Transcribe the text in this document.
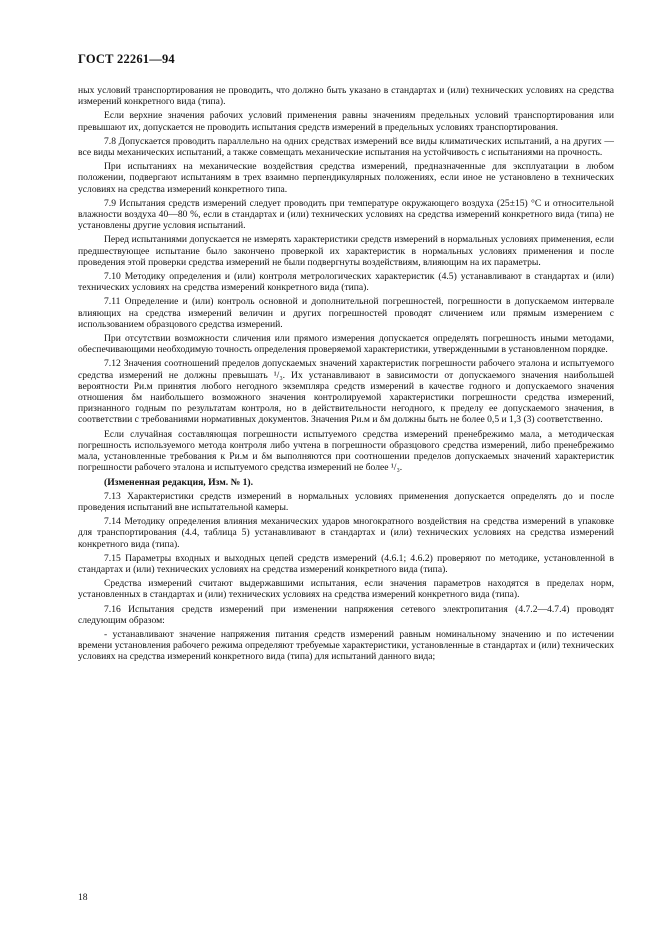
ГОСТ 22261—94

ных условий транспортирования не проводить, что должно быть указано в стандартах и (или) технических условиях на средства измерений конкретного вида (типа).

Если верхние значения рабочих условий применения равны значениям предельных условий транспортирования или превышают их, допускается не проводить испытания средств измерений в предельных условиях транспортирования.

7.8 Допускается проводить параллельно на одних средствах измерений все виды климатических испытаний, а на других — все виды механических испытаний, а также совмещать механические испытания на устойчивость с испытаниями на прочность.

При испытаниях на механические воздействия средства измерений, предназначенные для эксплуатации в любом положении, подвергают испытаниям в трех взаимно перпендикулярных положениях, если иное не установлено в технических условиях на средства измерений конкретного типа.

7.9 Испытания средств измерений следует проводить при температуре окружающего воздуха (25±15) °С и относительной влажности воздуха 40—80 %, если в стандартах и (или) технических условиях на средства измерений конкретного вида (типа) не установлены другие условия испытаний.

Перед испытаниями допускается не измерять характеристики средств измерений в нормальных условиях применения, если предшествующее испытание было закончено проверкой их характеристик в нормальных условиях применения и после проведения этой проверки средства измерений не были подвергнуты воздействиям, влияющим на их параметры.

7.10 Методику определения и (или) контроля метрологических характеристик (4.5) устанавливают в стандартах и (или) технических условиях на средства измерений конкретного вида (типа).

7.11 Определение и (или) контроль основной и дополнительной погрешностей, погрешности в допускаемом интервале влияющих на средства измерений величин и других погрешностей проводят сличением или прямым измерением с использованием образцового средства измерений.

При отсутствии возможности сличения или прямого измерения допускается определять погрешность иными методами, обеспечивающими необходимую точность определения проверяемой характеристики, утвержденными в установленном порядке.

7.12 Значения соотношений пределов допускаемых значений характеристик погрешности рабочего эталона и испытуемого средства измерений не должны превышать ¹/₃. Их устанавливают в зависимости от допускаемого значения наибольшей вероятности Pи.м принятия любого негодного экземпляра средств измерений в качестве годного и допускаемого значения отношения δм наибольшего возможного значения контролируемой характеристики погрешности средства измерений, признанного годным по результатам контроля, но в действительности негодного, к пределу ее допускаемого значения, в соответствии с требованиями нормативных документов. Значения Pи.м и δм должны быть не более 0,5 и 1,3 (3) соответственно.

Если случайная составляющая погрешности испытуемого средства измерений пренебрежимо мала, а методическая погрешность используемого метода контроля либо учтена в погрешности образцового средства измерений, либо пренебрежимо мала, установленные требования к Pи.м и δм выполняются при соотношении пределов допускаемых значений характеристик погрешности рабочего эталона и испытуемого средства измерений не более ¹/₃.

(Измененная редакция, Изм. № 1).

7.13 Характеристики средств измерений в нормальных условиях применения допускается определять до и после проведения испытаний вне испытательной камеры.

7.14 Методику определения влияния механических ударов многократного воздействия на средства измерений в упаковке для транспортирования (4.4, таблица 5) устанавливают в стандартах и (или) технических условиях на средства измерений конкретного вида (типа).

7.15 Параметры входных и выходных цепей средств измерений (4.6.1; 4.6.2) проверяют по методике, установленной в стандартах и (или) технических условиях на средства измерений конкретного вида (типа).

Средства измерений считают выдержавшими испытания, если значения параметров находятся в пределах норм, установленных в стандартах и (или) технических условиях на средства измерений конкретного вида (типа).

7.16 Испытания средств измерений при изменении напряжения сетевого электропитания (4.7.2—4.7.4) проводят следующим образом:

- устанавливают значение напряжения питания средств измерений равным номинальному значению и по истечении времени установления рабочего режима определяют требуемые характеристики, установленные в стандартах и (или) технических условиях на средства измерений конкретного вида (типа) для испытаний данного вида;

18
